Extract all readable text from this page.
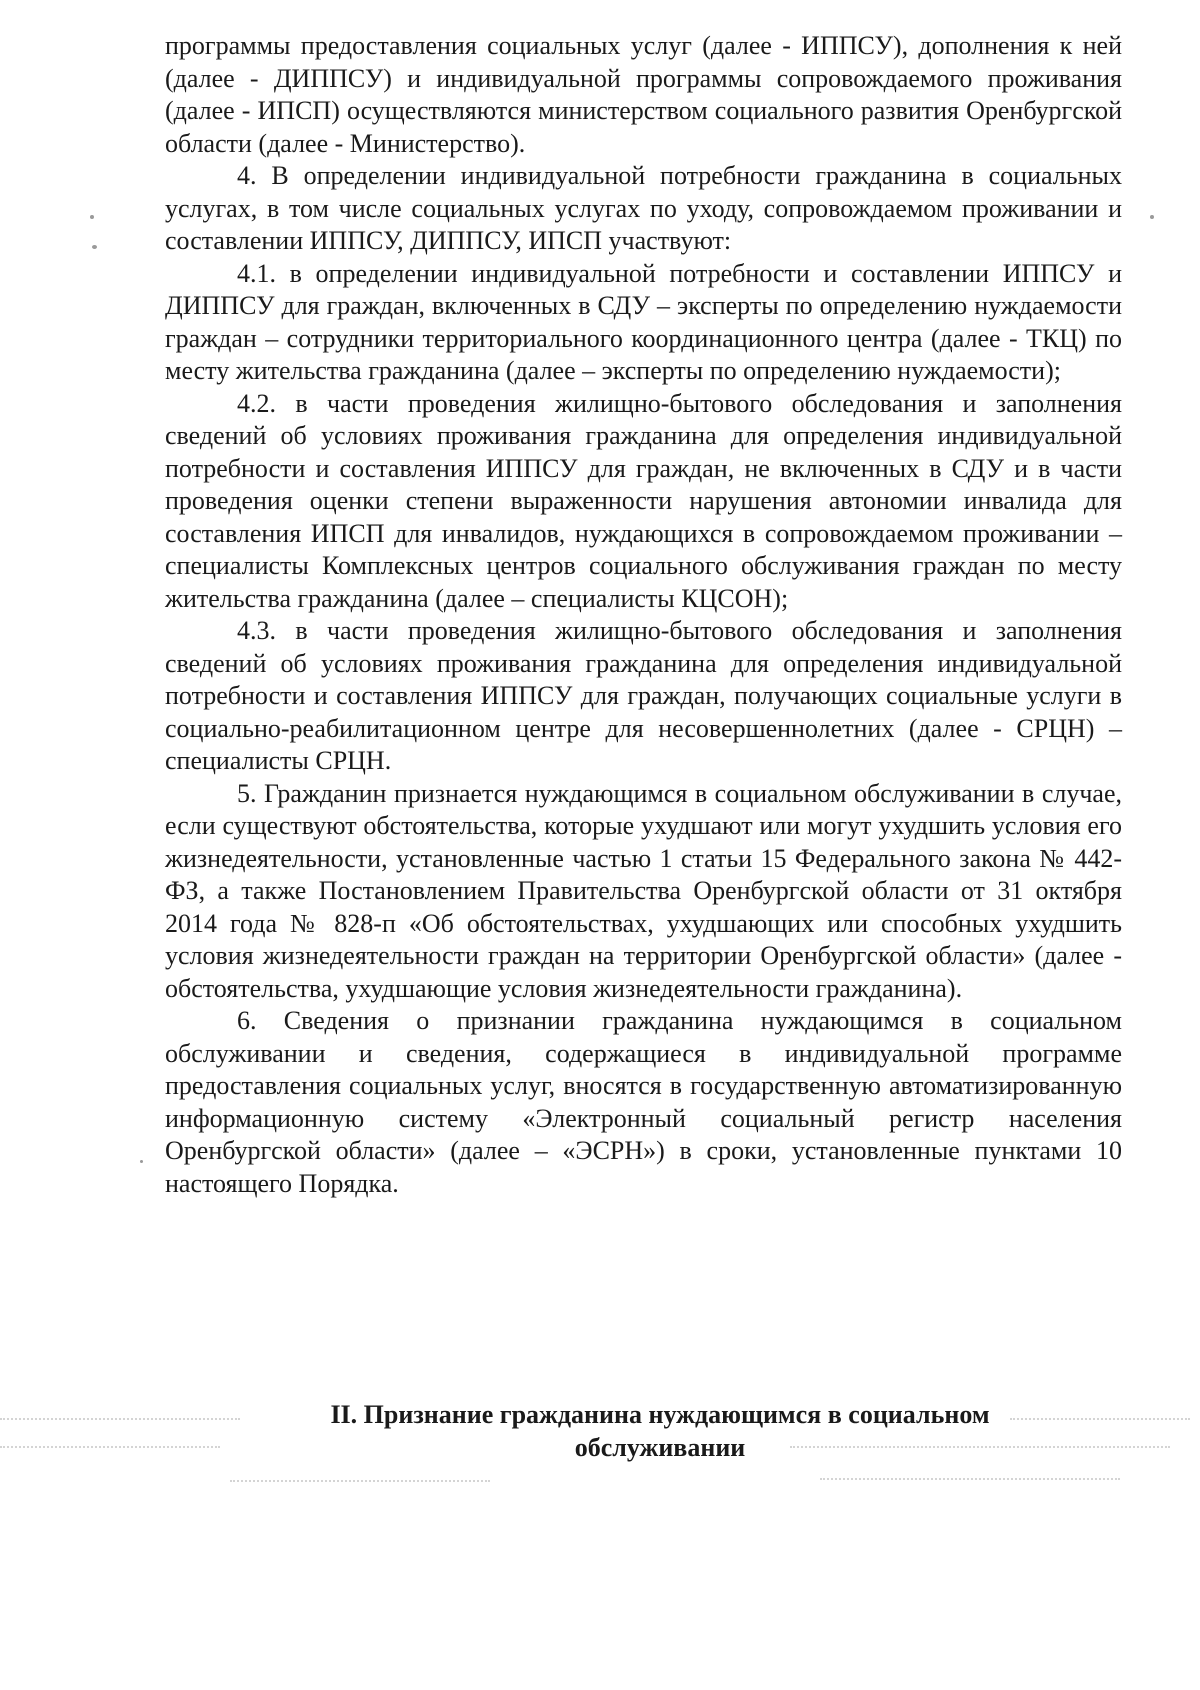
программы предоставления социальных услуг (далее - ИППСУ), дополнения к ней (далее - ДИППСУ) и индивидуальной программы сопровождаемого проживания (далее - ИПСП) осуществляются министерством социального развития Оренбургской области (далее - Министерство).

4. В определении индивидуальной потребности гражданина в социальных услугах, в том числе социальных услугах по уходу, сопровождаемом проживании и составлении ИППСУ, ДИППСУ, ИПСП участвуют:

4.1. в определении индивидуальной потребности и составлении ИППСУ и ДИППСУ для граждан, включенных в СДУ – эксперты по определению нуждаемости граждан – сотрудники территориального координационного центра (далее - ТКЦ) по месту жительства гражданина (далее – эксперты по определению нуждаемости);

4.2. в части проведения жилищно-бытового обследования и заполнения сведений об условиях проживания гражданина для определения индивидуальной потребности и составления ИППСУ для граждан, не включенных в СДУ и в части проведения оценки степени выраженности нарушения автономии инвалида для составления ИПСП для инвалидов, нуждающихся в сопровождаемом проживании – специалисты Комплексных центров социального обслуживания граждан по месту жительства гражданина (далее – специалисты КЦСОН);

4.3. в части проведения жилищно-бытового обследования и заполнения сведений об условиях проживания гражданина для определения индивидуальной потребности и составления ИППСУ для граждан, получающих социальные услуги в социально-реабилитационном центре для несовершеннолетних (далее - СРЦН) – специалисты СРЦН.

5. Гражданин признается нуждающимся в социальном обслуживании в случае, если существуют обстоятельства, которые ухудшают или могут ухудшить условия его жизнедеятельности, установленные частью 1 статьи 15 Федерального закона № 442-ФЗ, а также Постановлением Правительства Оренбургской области от 31 октября 2014 года № 828-п «Об обстоятельствах, ухудшающих или способных ухудшить условия жизнедеятельности граждан на территории Оренбургской области» (далее - обстоятельства, ухудшающие условия жизнедеятельности гражданина).

6. Сведения о признании гражданина нуждающимся в социальном обслуживании и сведения, содержащиеся в индивидуальной программе предоставления социальных услуг, вносятся в государственную автоматизированную информационную систему «Электронный социальный регистр населения Оренбургской области» (далее – «ЭСРН») в сроки, установленные пунктами 10 настоящего Порядка.

II. Признание гражданина нуждающимся в социальном
обслуживании
